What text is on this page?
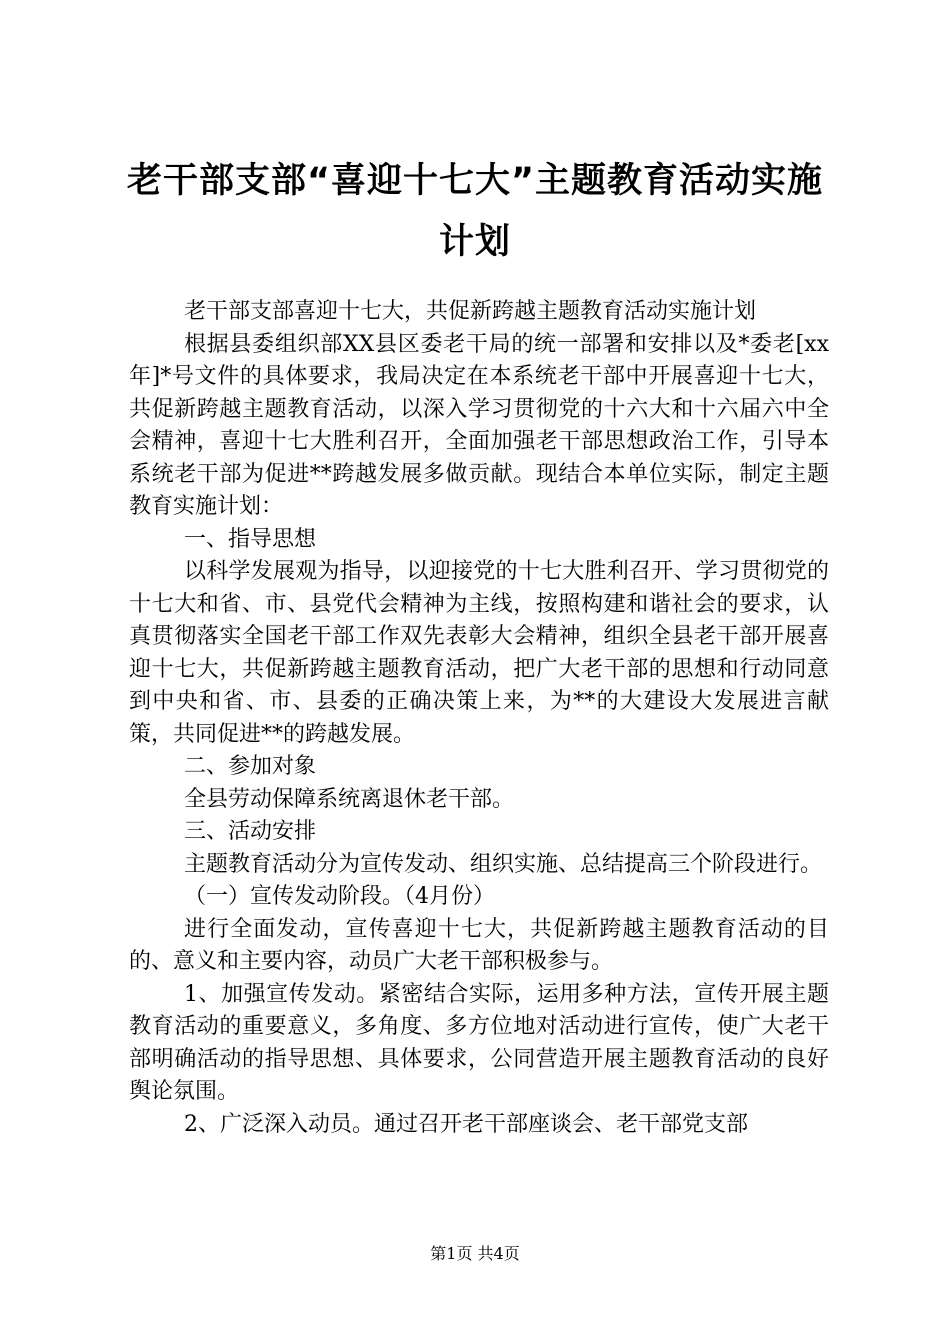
老干部支部“喜迎十七大”主题教育活动实施
计划

老干部支部喜迎十七大，共促新跨越主题教育活动实施计划

根据县委组织部XX县区委老干局的统一部署和安排以及*委老[xx年]*号文件的具体要求，我局决定在本系统老干部中开展喜迎十七大，共促新跨越主题教育活动，以深入学习贯彻党的十六大和十六届六中全会精神，喜迎十七大胜利召开，全面加强老干部思想政治工作，引导本系统老干部为促进**跨越发展多做贡献。现结合本单位实际，制定主题教育实施计划：

一、指导思想

以科学发展观为指导，以迎接党的十七大胜利召开、学习贯彻党的十七大和省、市、县党代会精神为主线，按照构建和谐社会的要求，认真贯彻落实全国老干部工作双先表彰大会精神，组织全县老干部开展喜迎十七大，共促新跨越主题教育活动，把广大老干部的思想和行动同意到中央和省、市、县委的正确决策上来，为**的大建设大发展进言献策，共同促进**的跨越发展。

二、参加对象

全县劳动保障系统离退休老干部。

三、活动安排

主题教育活动分为宣传发动、组织实施、总结提高三个阶段进行。

（一）宣传发动阶段。（4月份）

进行全面发动，宣传喜迎十七大，共促新跨越主题教育活动的目的、意义和主要内容，动员广大老干部积极参与。

1、加强宣传发动。紧密结合实际，运用多种方法，宣传开展主题教育活动的重要意义，多角度、多方位地对活动进行宣传，使广大老干部明确活动的指导思想、具体要求，公同营造开展主题教育活动的良好舆论氛围。

2、广泛深入动员。通过召开老干部座谈会、老干部党支部

第1页 共4页
